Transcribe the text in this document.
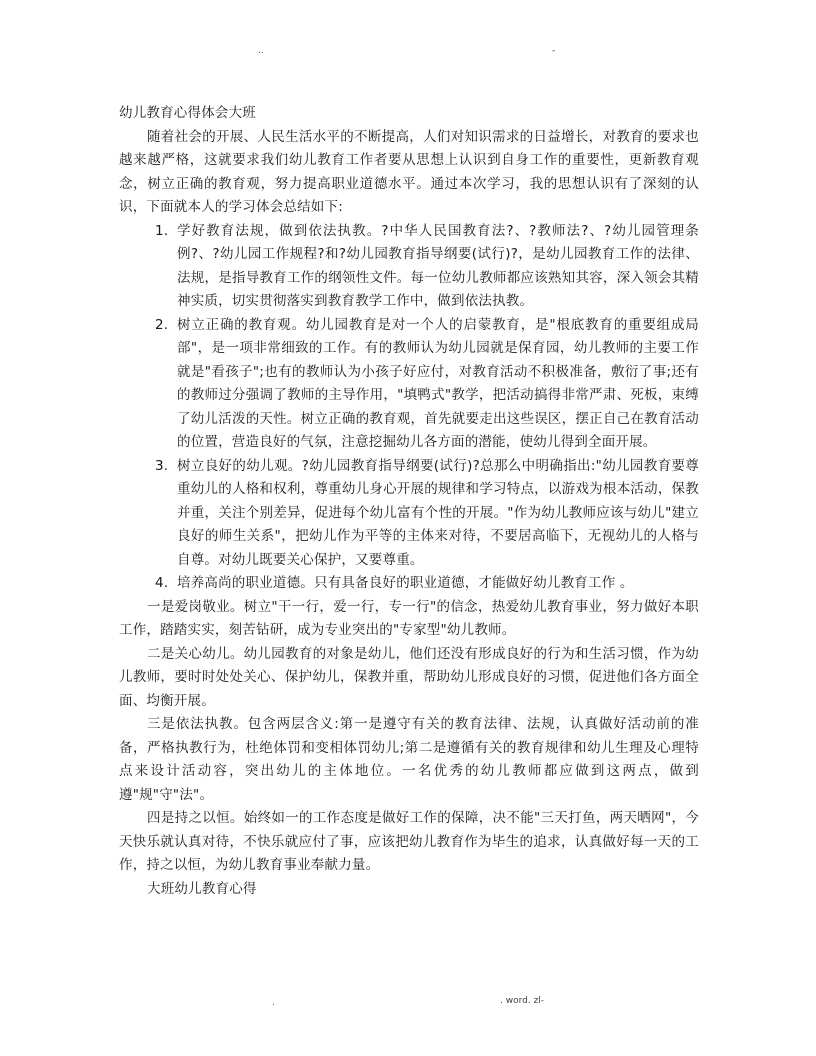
..	-

幼儿教育心得体会大班

随着社会的开展、人民生活水平的不断提高，人们对知识需求的日益增长，对教育的要求也越来越严格，这就要求我们幼儿教育工作者要从思想上认识到自身工作的重要性，更新教育观念，树立正确的教育观，努力提高职业道德水平。通过本次学习，我的思想认识有了深刻的认识，下面就本人的学习体会总结如下:

1. 学好教育法规，做到依法执教。?中华人民国教育法?、?教师法?、?幼儿园管理条例?、?幼儿园工作规程?和?幼儿园教育指导纲要(试行)?，是幼儿园教育工作的法律、法规，是指导教育工作的纲领性文件。每一位幼儿教师都应该熟知其容，深入领会其精神实质，切实贯彻落实到教育教学工作中，做到依法执教。
2. 树立正确的教育观。幼儿园教育是对一个人的启蒙教育，是"根底教育的重要组成局部"，是一项非常细致的工作。有的教师认为幼儿园就是保育园，幼儿教师的主要工作就是"看孩子";也有的教师认为小孩子好应付，对教育活动不积极准备，敷衍了事;还有的教师过分强调了教师的主导作用，"填鸭式"教学，把活动搞得非常严肃、死板，束缚了幼儿活泼的天性。树立正确的教育观，首先就要走出这些误区，摆正自己在教育活动的位置，营造良好的气氛，注意挖掘幼儿各方面的潜能，使幼儿得到全面开展。
3. 树立良好的幼儿观。?幼儿园教育指导纲要(试行)?总那么中明确指出:"幼儿园教育要尊重幼儿的人格和权利，尊重幼儿身心开展的规律和学习特点，以游戏为根本活动，保教并重，关注个别差异，促进每个幼儿富有个性的开展。"作为幼儿教师应该与幼儿"建立良好的师生关系"，把幼儿作为平等的主体来对待，不要居高临下，无视幼儿的人格与自尊。对幼儿既要关心保护，又要尊重。
4. 培养高尚的职业道德。只有具备良好的职业道德，才能做好幼儿教育工作 。

一是爱岗敬业。树立"干一行，爱一行，专一行"的信念，热爱幼儿教育事业，努力做好本职工作，踏踏实实，刻苦钻研，成为专业突出的"专家型"幼儿教师。

二是关心幼儿。幼儿园教育的对象是幼儿，他们还没有形成良好的行为和生活习惯，作为幼儿教师，要时时处处关心、保护幼儿，保教并重，帮助幼儿形成良好的习惯，促进他们各方面全面、均衡开展。

三是依法执教。包含两层含义:第一是遵守有关的教育法律、法规，认真做好活动前的准备，严格执教行为，杜绝体罚和变相体罚幼儿;第二是遵循有关的教育规律和幼儿生理及心理特点来设计活动容，突出幼儿的主体地位。一名优秀的幼儿教师都应做到这两点，做到遵"规"守"法"。

四是持之以恒。始终如一的工作态度是做好工作的保障，决不能"三天打鱼，两天晒网"，今天快乐就认真对待，不快乐就应付了事，应该把幼儿教育作为毕生的追求，认真做好每一天的工作，持之以恒，为幼儿教育事业奉献力量。

大班幼儿教育心得

.	. word. zl-
